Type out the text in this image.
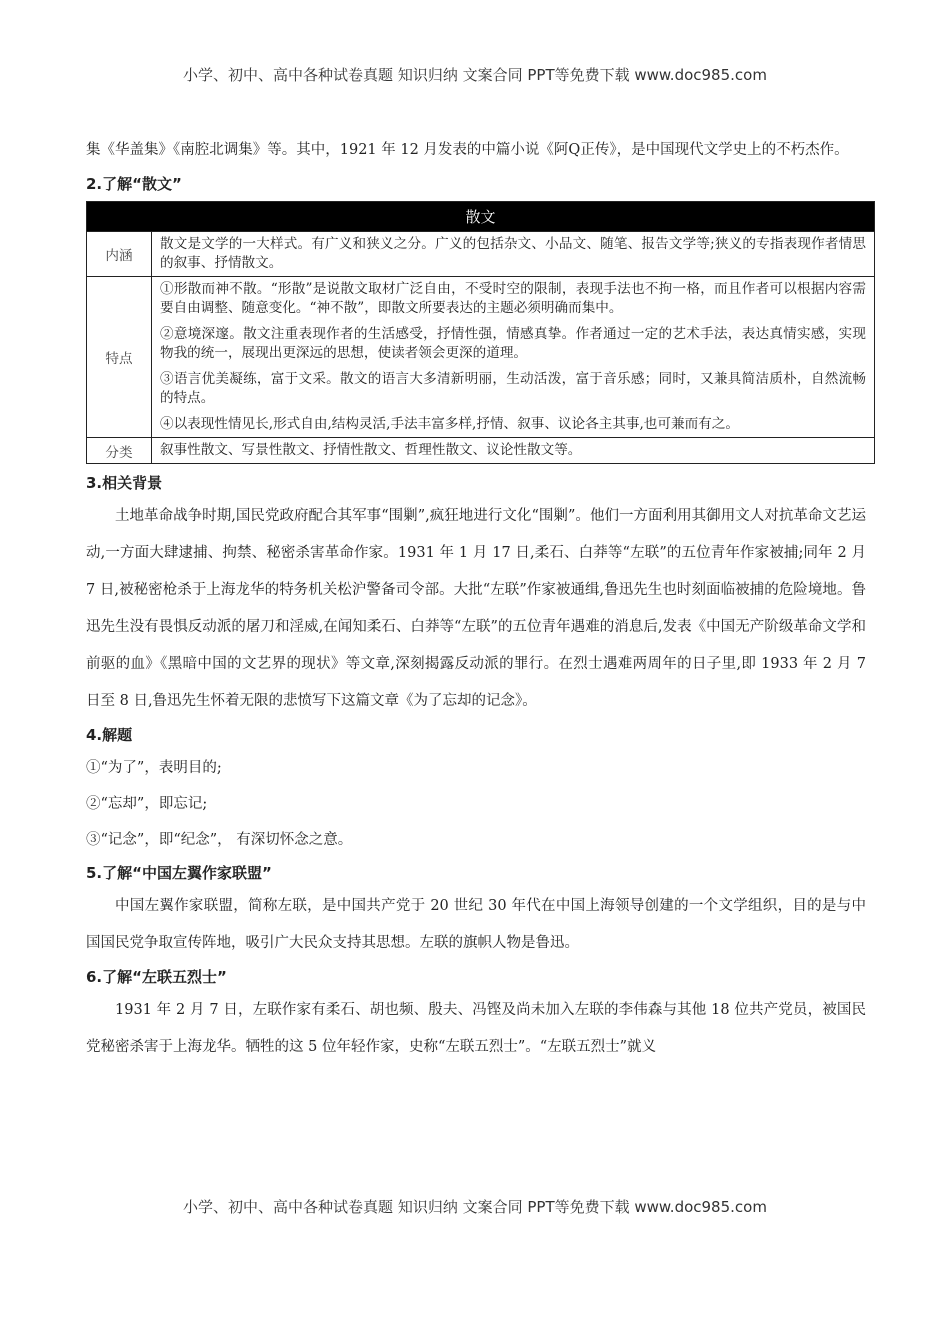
小学、初中、高中各种试卷真题 知识归纳 文案合同 PPT等免费下载 www.doc985.com

集《华盖集》《南腔北调集》等。其中，1921 年 12 月发表的中篇小说《阿Q正传》，是中国现代文学史上的不朽杰作。

2.了解“散文”

散文	
内涵	散文是文学的一大样式。有广义和狭义之分。广义的包括杂文、小品文、随笔、报告文学等;狭义的专指表现作者情思的叙事、抒情散文。

特点	①形散而神不散。“形散”是说散文取材广泛自由，不受时空的限制，表现手法也不拘一格，而且作者可以根据内容需要自由调整、随意变化。“神不散”，即散文所要表达的主题必须明确而集中。

②意境深邃。散文注重表现作者的生活感受，抒情性强，情感真挚。作者通过一定的艺术手法，表达真情实感，实现物我的统一，展现出更深远的思想，使读者领会更深的道理。

③语言优美凝练，富于文采。散文的语言大多清新明丽，生动活泼，富于音乐感；同时，又兼具简洁质朴，自然流畅的特点。

④以表现性情见长,形式自由,结构灵活,手法丰富多样,抒情、叙事、议论各主其事,也可兼而有之。

分类	叙事性散文、写景性散文、抒情性散文、哲理性散文、议论性散文等。

3.相关背景

土地革命战争时期,国民党政府配合其军事“围剿”,疯狂地进行文化“围剿”。他们一方面利用其御用文人对抗革命文艺运动,一方面大肆逮捕、拘禁、秘密杀害革命作家。1931 年 1 月 17 日,柔石、白莽等“左联”的五位青年作家被捕;同年 2 月 7 日,被秘密枪杀于上海龙华的特务机关松沪警备司令部。大批“左联”作家被通缉,鲁迅先生也时刻面临被捕的危险境地。鲁迅先生没有畏惧反动派的屠刀和淫威,在闻知柔石、白莽等“左联”的五位青年遇难的消息后,发表《中国无产阶级革命文学和前驱的血》《黑暗中国的文艺界的现状》等文章,深刻揭露反动派的罪行。在烈士遇难两周年的日子里,即 1933 年 2 月 7 日至 8 日,鲁迅先生怀着无限的悲愤写下这篇文章《为了忘却的记念》。

4.解题

①“为了”，表明目的;

②“忘却”，即忘记;

③“记念”，即“纪念”， 有深切怀念之意。

5.了解“中国左翼作家联盟”

中国左翼作家联盟，简称左联，是中国共产党于 20 世纪 30 年代在中国上海领导创建的一个文学组织，目的是与中国国民党争取宣传阵地，吸引广大民众支持其思想。左联的旗帜人物是鲁迅。

6.了解“左联五烈士”

1931 年 2 月 7 日，左联作家有柔石、胡也频、殷夫、冯铿及尚未加入左联的李伟森与其他 18 位共产党员，被国民党秘密杀害于上海龙华。牺牲的这 5 位年轻作家，史称“左联五烈士”。“左联五烈士”就义

小学、初中、高中各种试卷真题 知识归纳 文案合同 PPT等免费下载 www.doc985.com
